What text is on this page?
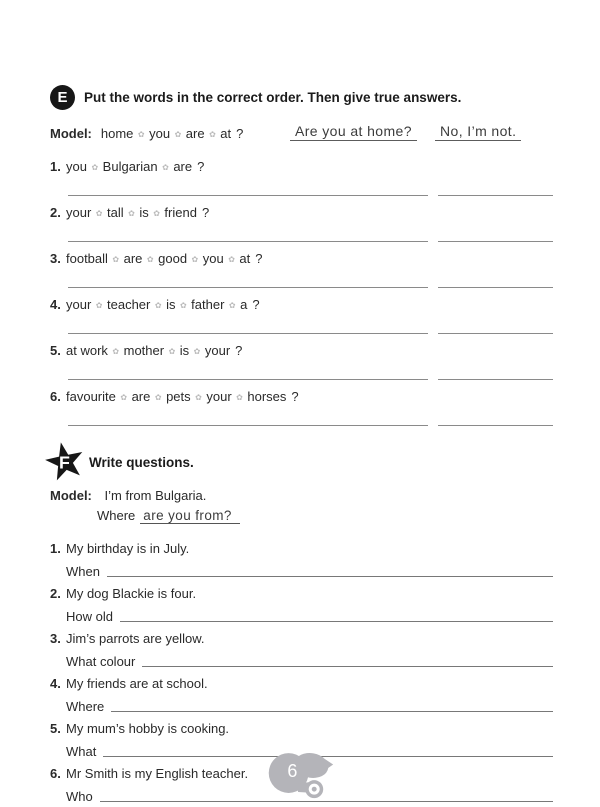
E	Put the words in the correct order. Then give true answers.
Model: home ✿ you ✿ are ✿ at ?	Are you at home?	No, I’m not.
1. you ✿ Bulgarian ✿ are ?
2. your ✿ tall ✿ is ✿ friend ?
3. football ✿ are ✿ good ✿ you ✿ at ?
4. your ✿ teacher ✿ is ✿ father ✿ a ?
5. at work ✿ mother ✿ is ✿ your ?
6. favourite ✿ are ✿ pets ✿ your ✿ horses ?
F Write questions.
Model: I’m from Bulgaria.
Where are you from?
1. My birthday is in July.
When
2. My dog Blackie is four.
How old
3. Jim’s parrots are yellow.
What colour
4. My friends are at school.
Where
5. My mum’s hobby is cooking.
What
6. Mr Smith is my English teacher.
Who
6
